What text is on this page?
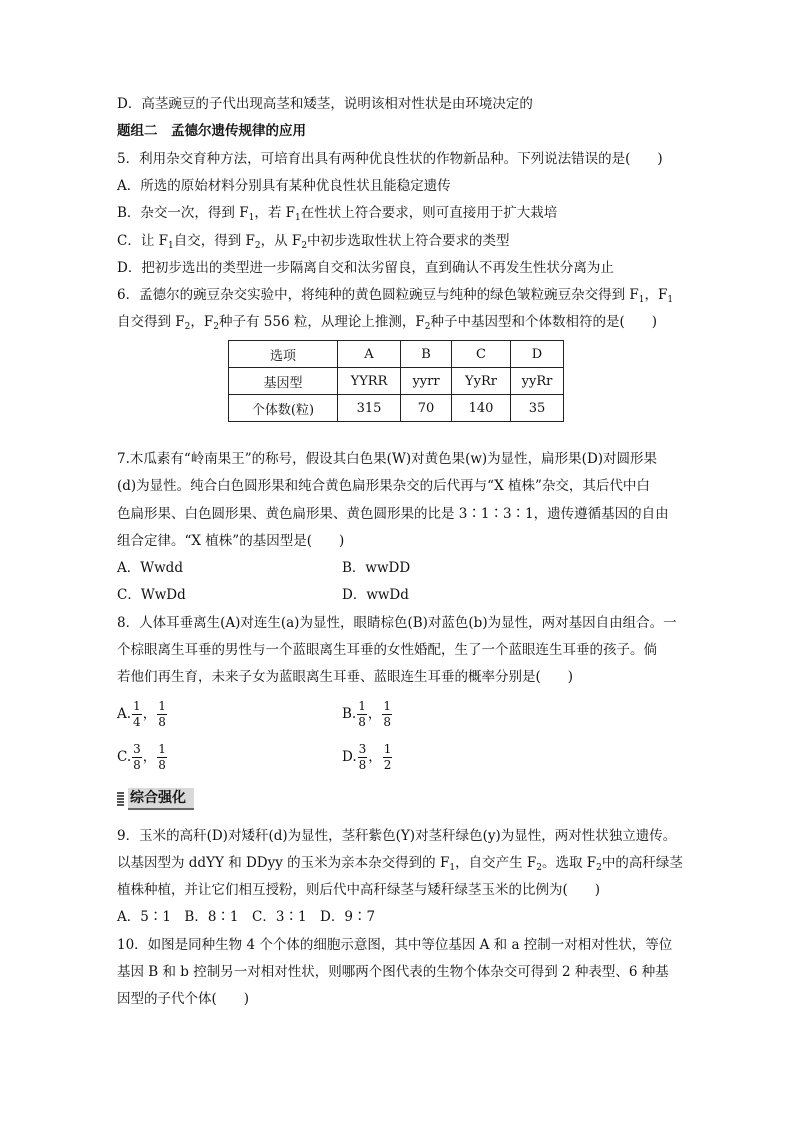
D．高茎豌豆的子代出现高茎和矮茎，说明该相对性状是由环境决定的
题组二　孟德尔遗传规律的应用
5．利用杂交育种方法，可培育出具有两种优良性状的作物新品种。下列说法错误的是(　　)
A．所选的原始材料分别具有某种优良性状且能稳定遗传
B．杂交一次，得到 $F_1$，若 $F_1$在性状上符合要求，则可直接用于扩大栽培
C．让 $F_1$自交，得到 $F_2$，从 $F_2$中初步选取性状上符合要求的类型
D．把初步选出的类型进一步隔离自交和汰劣留良，直到确认不再发生性状分离为止
6．孟德尔的豌豆杂交实验中，将纯种的黄色圆粒豌豆与纯种的绿色皱粒豌豆杂交得到 $F_1$，$F_1$
自交得到 $F_2$，$F_2$种子有 556 粒，从理论上推测，$F_2$种子中基因型和个体数相符的是(　　)
选项	A	B	C	D
基因型	YYRR	yyrr	YyRr	yyRr
个体数(粒)	315	70	140	35
7.木瓜素有“岭南果王”的称号，假设其白色果(W)对黄色果(w)为显性，扁形果(D)对圆形果
(d)为显性。纯合白色圆形果和纯合黄色扁形果杂交的后代再与“X 植株”杂交，其后代中白
色扁形果、白色圆形果、黄色扁形果、黄色圆形果的比是 3∶1∶3∶1，遗传遵循基因的自由
组合定律。“X 植株”的基因型是(　　)
A．Wwdd	B．wwDD
C．WwDd	D．wwDd
8．人体耳垂离生(A)对连生(a)为显性，眼睛棕色(B)对蓝色(b)为显性，两对基因自由组合。一
个棕眼离生耳垂的男性与一个蓝眼离生耳垂的女性婚配，生了一个蓝眼连生耳垂的孩子。倘
若他们再生育，未来子女为蓝眼离生耳垂、蓝眼连生耳垂的概率分别是(　　)
A. $\frac{1}{4}$ ， $\frac{1}{8}$	B. $\frac{1}{8}$ ， $\frac{1}{8}$
C. $\frac{3}{8}$ ， $\frac{1}{8}$	D. $\frac{3}{8}$ ， $\frac{1}{2}$
综合强化
9．玉米的高秆(D)对矮秆(d)为显性，茎秆紫色(Y)对茎秆绿色(y)为显性，两对性状独立遗传。
以基因型为 ddYY 和 DDyy 的玉米为亲本杂交得到的 $F_1$，自交产生 $F_2$。选取 $F_2$中的高秆绿茎
植株种植，并让它们相互授粉，则后代中高秆绿茎与矮秆绿茎玉米的比例为(　　)
A．5∶1　B．8∶1　C．3∶1　D．9∶7
10．如图是同种生物 4 个个体的细胞示意图，其中等位基因 A 和 a 控制一对相对性状，等位
基因 B 和 b 控制另一对相对性状，则哪两个图代表的生物个体杂交可得到 2 种表型、6 种基
因型的子代个体(　　)
